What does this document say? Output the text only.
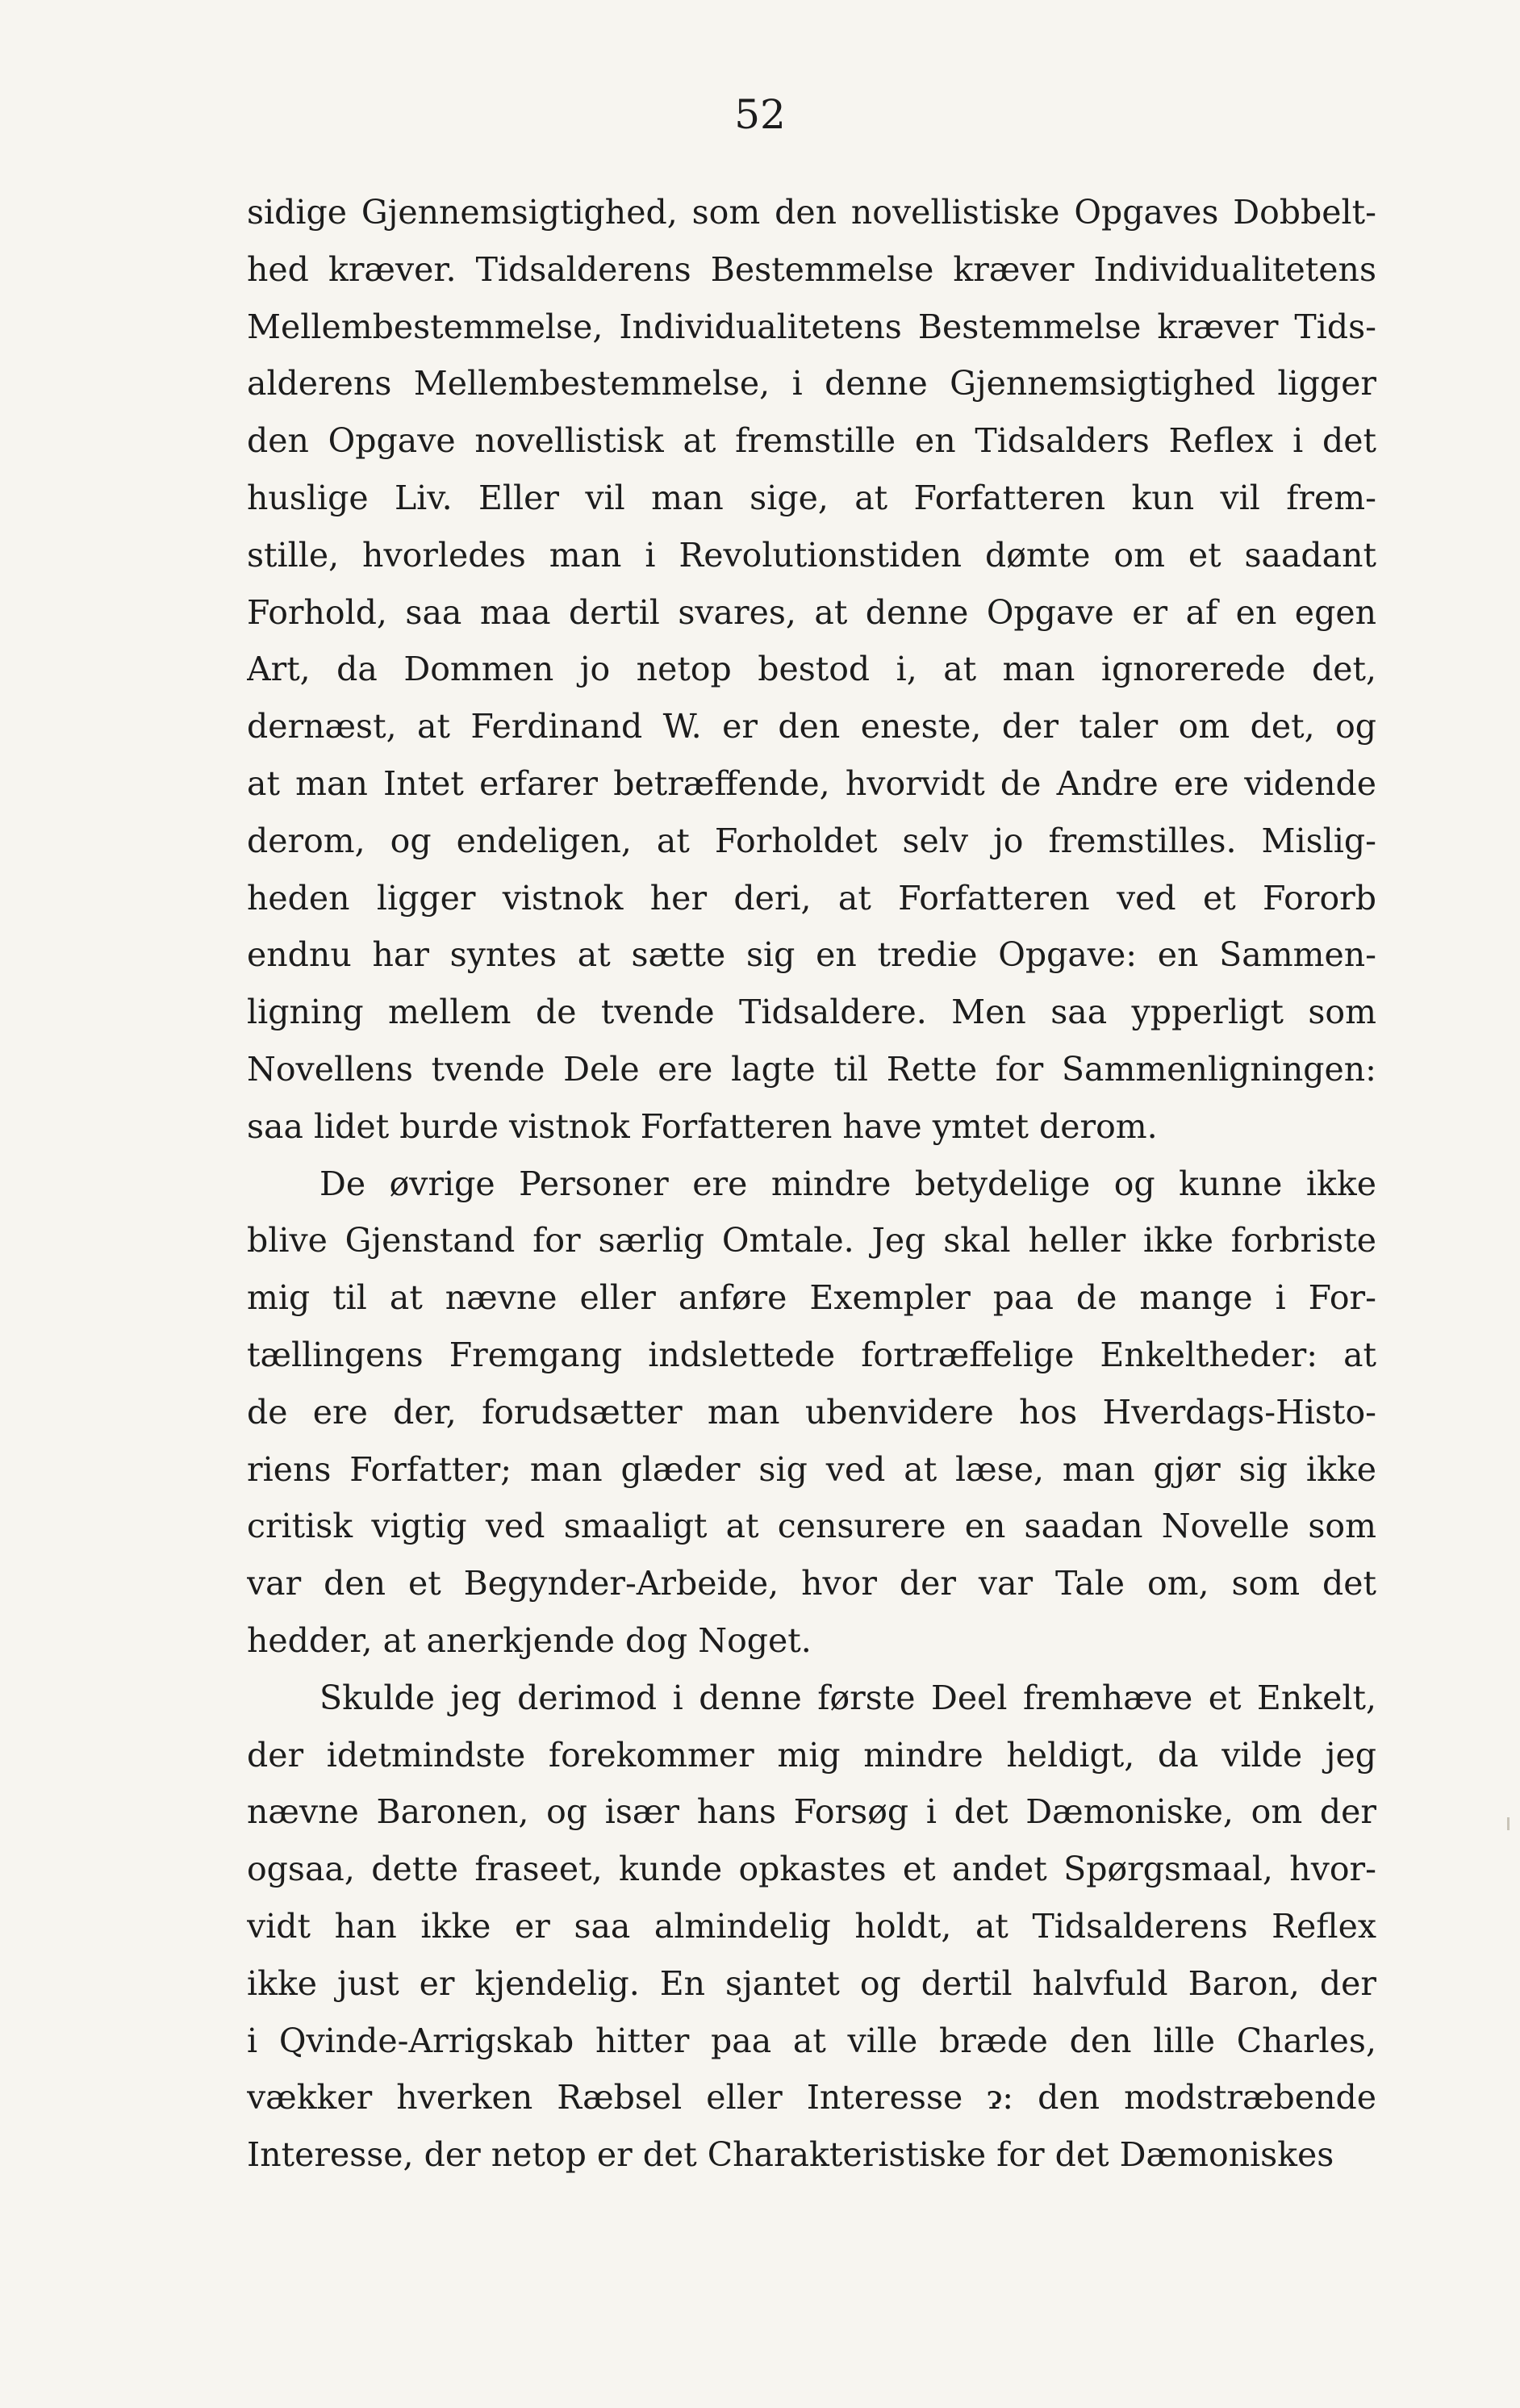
52
sidige Gjennemsigtighed, som den novellistiske Opgaves Dobbelt-
hed kræver. Tidsalderens Bestemmelse kræver Individualitetens
Mellembestemmelse, Individualitetens Bestemmelse kræver Tids-
alderens Mellembestemmelse, i denne Gjennemsigtighed ligger
den Opgave novellistisk at fremstille en Tidsalders Reflex i det
huslige Liv. Eller vil man sige, at Forfatteren kun vil frem-
stille, hvorledes man i Revolutionstiden dømte om et saadant
Forhold, saa maa dertil svares, at denne Opgave er af en egen
Art, da Dommen jo netop bestod i, at man ignorerede det,
dernæst, at Ferdinand W. er den eneste, der taler om det, og
at man Intet erfarer betræffende, hvorvidt de Andre ere vidende
derom, og endeligen, at Forholdet selv jo fremstilles. Mislig-
heden ligger vistnok her deri, at Forfatteren ved et Fororb
endnu har syntes at sætte sig en tredie Opgave: en Sammen-
ligning mellem de tvende Tidsaldere. Men saa ypperligt som
Novellens tvende Dele ere lagte til Rette for Sammenligningen:
saa lidet burde vistnok Forfatteren have ymtet derom.
De øvrige Personer ere mindre betydelige og kunne ikke
blive Gjenstand for særlig Omtale. Jeg skal heller ikke forbriste
mig til at nævne eller anføre Exempler paa de mange i For-
tællingens Fremgang indslettede fortræffelige Enkeltheder: at
de ere der, forudsætter man ubenvidere hos Hverdags-Histo-
riens Forfatter; man glæder sig ved at læse, man gjør sig ikke
critisk vigtig ved smaaligt at censurere en saadan Novelle som
var den et Begynder-Arbeide, hvor der var Tale om, som det
hedder, at anerkjende dog Noget.
Skulde jeg derimod i denne første Deel fremhæve et Enkelt,
der idetmindste forekommer mig mindre heldigt, da vilde jeg
nævne Baronen, og især hans Forsøg i det Dæmoniske, om der
ogsaa, dette fraseet, kunde opkastes et andet Spørgsmaal, hvor-
vidt han ikke er saa almindelig holdt, at Tidsalderens Reflex
ikke just er kjendelig. En sjantet og dertil halvfuld Baron, der
i Qvinde-Arrigskab hitter paa at ville bræde den lille Charles,
vækker hverken Ræbsel eller Interesse ɂ: den modstræbende
Interesse, der netop er det Charakteristiske for det Dæmoniskes
